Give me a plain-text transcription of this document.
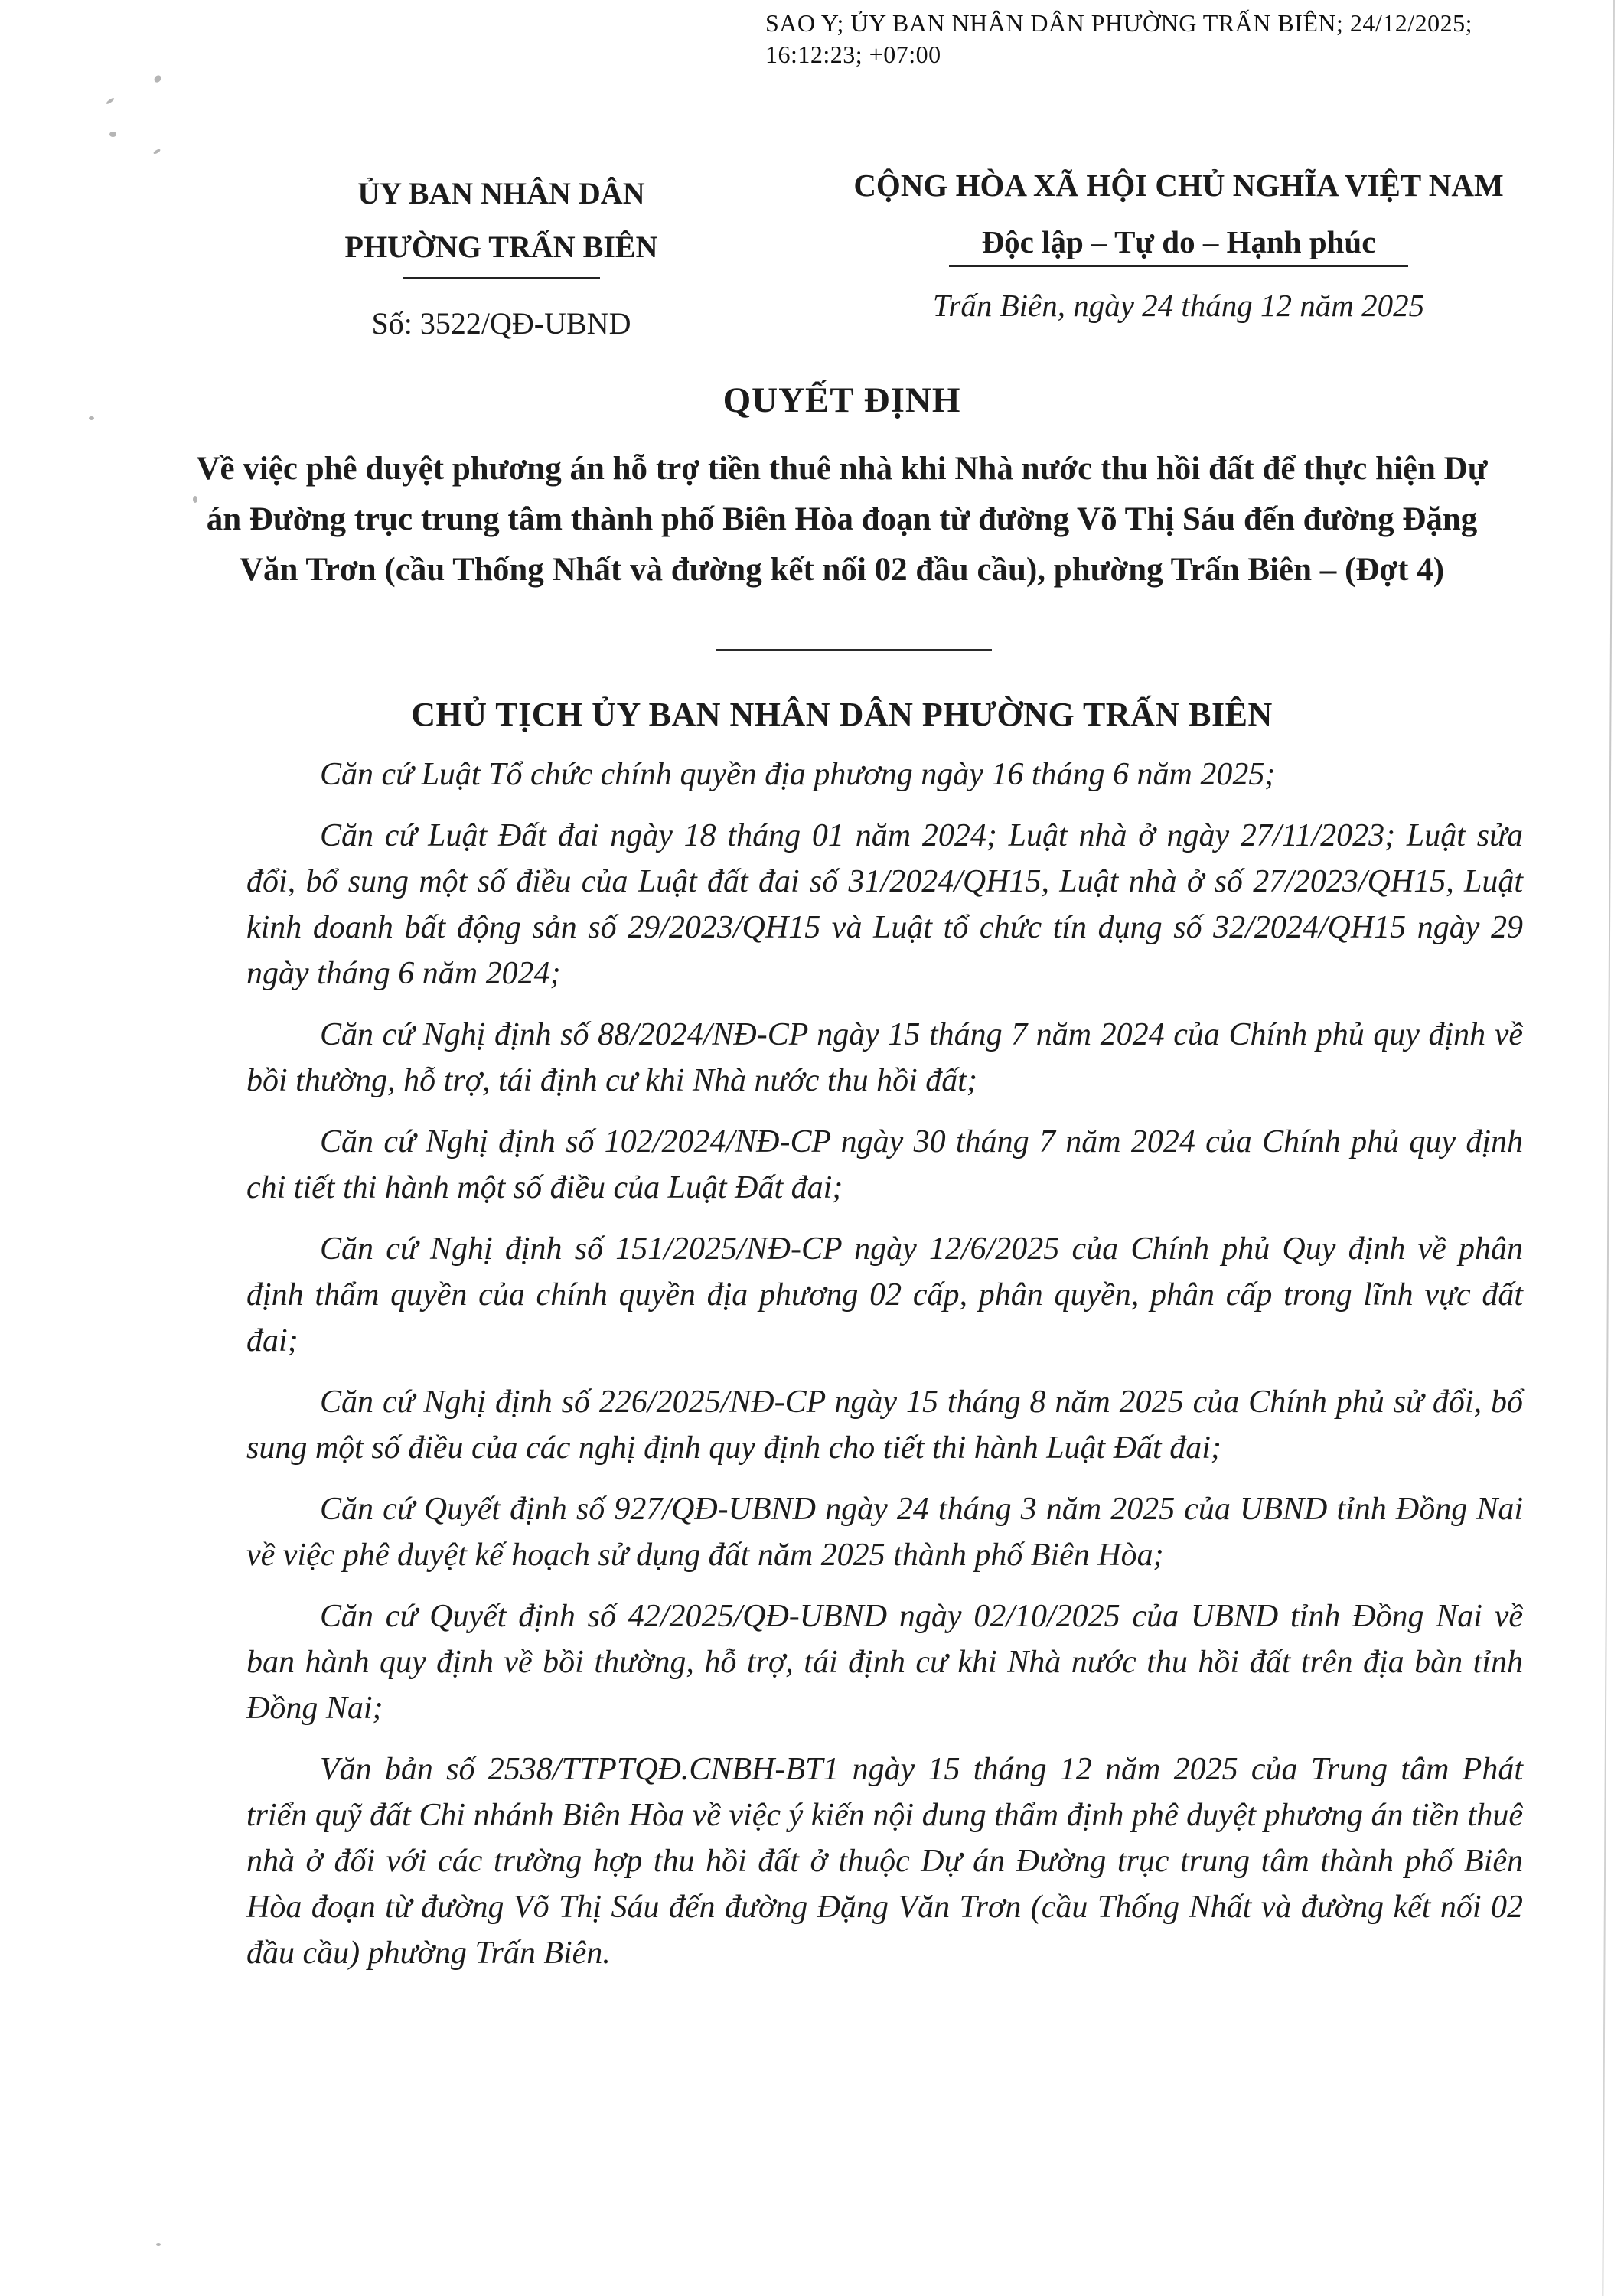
SAO Y; ỦY BAN NHÂN DÂN PHƯỜNG TRẤN BIÊN; 24/12/2025;
16:12:23; +07:00
ỦY BAN NHÂN DÂN
PHƯỜNG TRẤN BIÊN
Số: 3522/QĐ-UBND
CỘNG HÒA XÃ HỘI CHỦ NGHĨA VIỆT NAM
Độc lập – Tự do – Hạnh phúc
Trấn Biên, ngày 24 tháng 12 năm 2025
QUYẾT ĐỊNH
Về việc phê duyệt phương án hỗ trợ tiền thuê nhà khi Nhà nước thu hồi đất để thực hiện Dự án Đường trục trung tâm thành phố Biên Hòa đoạn từ đường Võ Thị Sáu đến đường Đặng Văn Trơn (cầu Thống Nhất và đường kết nối 02 đầu cầu), phường Trấn Biên – (Đợt 4)
CHỦ TỊCH ỦY BAN NHÂN DÂN PHƯỜNG TRẤN BIÊN

Căn cứ Luật Tổ chức chính quyền địa phương ngày 16 tháng 6 năm 2025;

Căn cứ Luật Đất đai ngày 18 tháng 01 năm 2024; Luật nhà ở ngày 27/11/2023; Luật sửa đổi, bổ sung một số điều của Luật đất đai số 31/2024/QH15, Luật nhà ở số 27/2023/QH15, Luật kinh doanh bất động sản số 29/2023/QH15 và Luật tổ chức tín dụng số 32/2024/QH15 ngày 29 ngày tháng 6 năm 2024;

Căn cứ Nghị định số 88/2024/NĐ-CP ngày 15 tháng 7 năm 2024 của Chính phủ quy định về bồi thường, hỗ trợ, tái định cư khi Nhà nước thu hồi đất;

Căn cứ Nghị định số 102/2024/NĐ-CP ngày 30 tháng 7 năm 2024 của Chính phủ quy định chi tiết thi hành một số điều của Luật Đất đai;

Căn cứ Nghị định số 151/2025/NĐ-CP ngày 12/6/2025 của Chính phủ Quy định về phân định thẩm quyền của chính quyền địa phương 02 cấp, phân quyền, phân cấp trong lĩnh vực đất đai;

Căn cứ Nghị định số 226/2025/NĐ-CP ngày 15 tháng 8 năm 2025 của Chính phủ sử đổi, bổ sung một số điều của các nghị định quy định cho tiết thi hành Luật Đất đai;

Căn cứ Quyết định số 927/QĐ-UBND ngày 24 tháng 3 năm 2025 của UBND tỉnh Đồng Nai về việc phê duyệt kế hoạch sử dụng đất năm 2025 thành phố Biên Hòa;

Căn cứ Quyết định số 42/2025/QĐ-UBND ngày 02/10/2025 của UBND tỉnh Đồng Nai về ban hành quy định về bồi thường, hỗ trợ, tái định cư khi Nhà nước thu hồi đất trên địa bàn tỉnh Đồng Nai;

Văn bản số 2538/TTPTQĐ.CNBH-BT1 ngày 15 tháng 12 năm 2025 của Trung tâm Phát triển quỹ đất Chi nhánh Biên Hòa về việc ý kiến nội dung thẩm định phê duyệt phương án tiền thuê nhà ở đối với các trường hợp thu hồi đất ở thuộc Dự án Đường trục trung tâm thành phố Biên Hòa đoạn từ đường Võ Thị Sáu đến đường Đặng Văn Trơn (cầu Thống Nhất và đường kết nối 02 đầu cầu) phường Trấn Biên.
